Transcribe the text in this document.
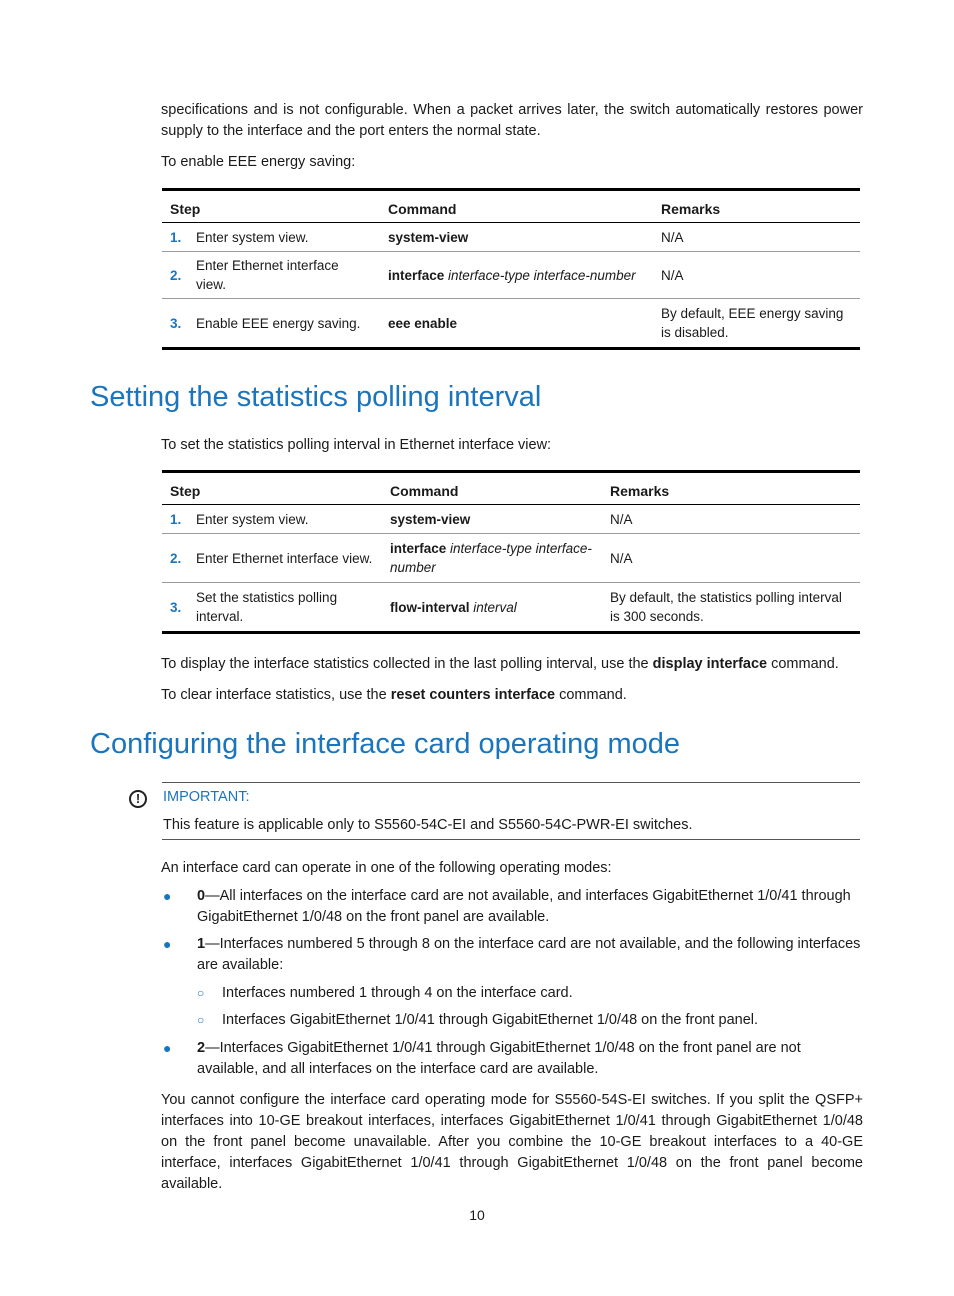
specifications and is not configurable. When a packet arrives later, the switch automatically restores power supply to the interface and the port enters the normal state.

To enable EEE energy saving:

Step		Command	Remarks
1.	Enter system view.	system-view	N/A
2.	Enter Ethernet interface view.	interface interface-type interface-number	N/A
3.	Enable EEE energy saving.	eee enable	By default, EEE energy saving is disabled.
Setting the statistics polling interval

To set the statistics polling interval in Ethernet interface view:

Step		Command	Remarks
1.	Enter system view.	system-view	N/A
2.	Enter Ethernet interface view.	interface interface-type interface-number	N/A
3.	Set the statistics polling interval.	flow-interval interval	By default, the statistics polling interval is 300 seconds.

To display the interface statistics collected in the last polling interval, use the display interface command.

To clear interface statistics, use the reset counters interface command.

Configuring the interface card operating mode
!	IMPORTANT:
This feature is applicable only to S5560-54C-EI and S5560-54C-PWR-EI switches.

An interface card can operate in one of the following operating modes:

● 0—All interfaces on the interface card are not available, and interfaces GigabitEthernet 1/0/41 through GigabitEthernet 1/0/48 on the front panel are available.

● 1—Interfaces numbered 5 through 8 on the interface card are not available, and the following interfaces are available:

○ Interfaces numbered 1 through 4 on the interface card.

○ Interfaces GigabitEthernet 1/0/41 through GigabitEthernet 1/0/48 on the front panel.

● 2—Interfaces GigabitEthernet 1/0/41 through GigabitEthernet 1/0/48 on the front panel are not available, and all interfaces on the interface card are available.

You cannot configure the interface card operating mode for S5560-54S-EI switches. If you split the QSFP+ interfaces into 10-GE breakout interfaces, interfaces GigabitEthernet 1/0/41 through GigabitEthernet 1/0/48 on the front panel become unavailable. After you combine the 10-GE breakout interfaces to a 40-GE interface, interfaces GigabitEthernet 1/0/41 through GigabitEthernet 1/0/48 on the front panel become available.

10
